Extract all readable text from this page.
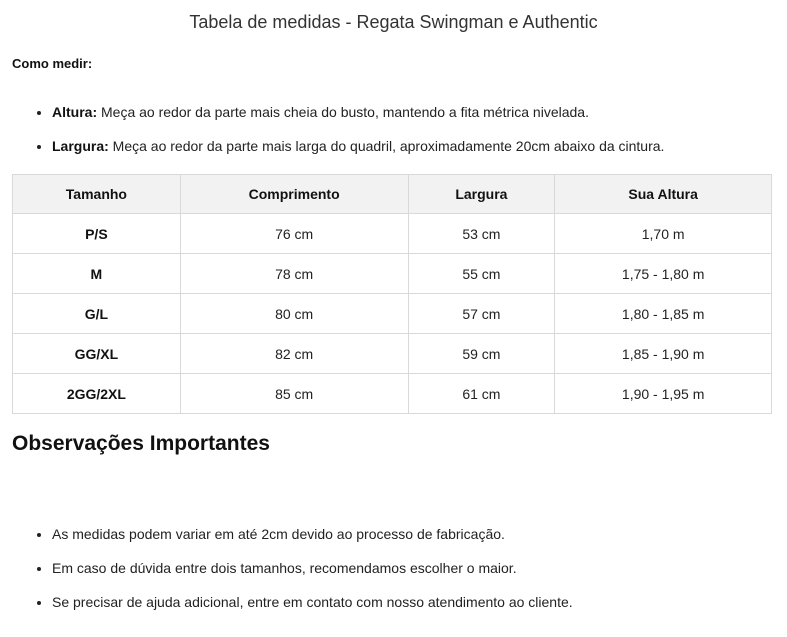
Tabela de medidas - Regata Swingman e Authentic
Como medir:
• Altura: Meça ao redor da parte mais cheia do busto, mantendo a fita métrica nivelada.
• Largura: Meça ao redor da parte mais larga do quadril, aproximadamente 20cm abaixo da cintura.
Tamanho	Comprimento	Largura	Sua Altura
P/S	76 cm	53 cm	1,70 m
M	78 cm	55 cm	1,75 - 1,80 m
G/L	80 cm	57 cm	1,80 - 1,85 m
GG/XL	82 cm	59 cm	1,85 - 1,90 m
2GG/2XL	85 cm	61 cm	1,90 - 1,95 m
Observações Importantes
• As medidas podem variar em até 2cm devido ao processo de fabricação.
• Em caso de dúvida entre dois tamanhos, recomendamos escolher o maior.
• Se precisar de ajuda adicional, entre em contato com nosso atendimento ao cliente.
